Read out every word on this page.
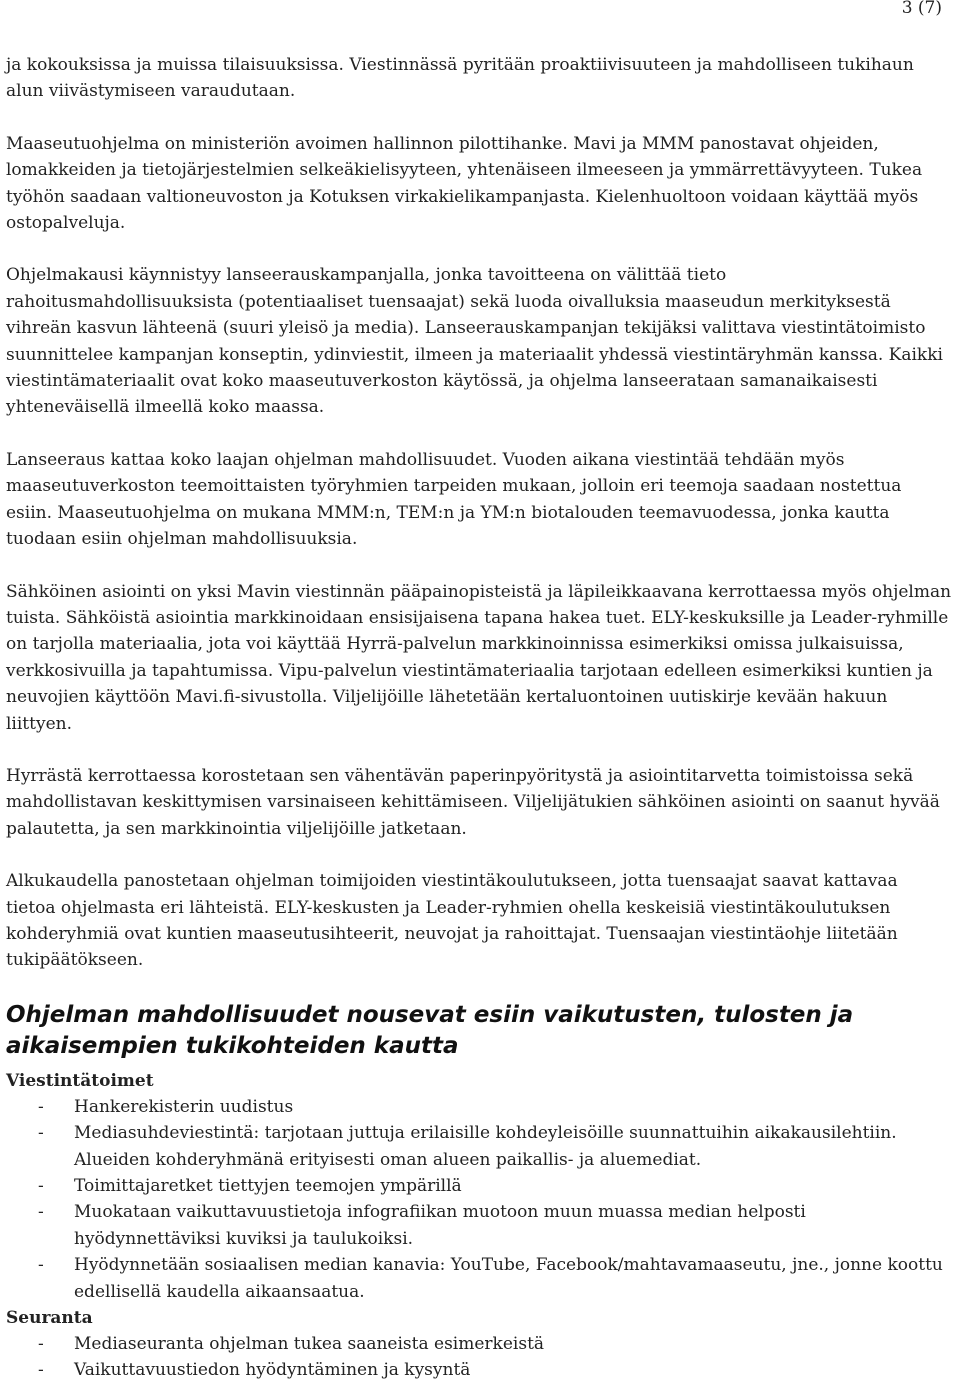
3 (7)

ja kokouksissa ja muissa tilaisuuksissa. Viestinnässä pyritään proaktiivisuuteen ja mahdolliseen tukihaun alun viivästymiseen varaudutaan.

Maaseutuohjelma on ministeriön avoimen hallinnon pilottihanke. Mavi ja MMM panostavat ohjeiden, lomakkeiden ja tietojärjestelmien selkeäkielisyyteen, yhtenäiseen ilmeeseen ja ymmärrettävyyteen. Tukea työhön saadaan valtioneuvoston ja Kotuksen virkakielikampanjasta. Kielenhuoltoon voidaan käyttää myös ostopalveluja.

Ohjelmakausi käynnistyy lanseerauskampanjalla, jonka tavoitteena on välittää tieto rahoitusmahdollisuuksista (potentiaaliset tuensaajat) sekä luoda oivalluksia maaseudun merkityksestä vihreän kasvun lähteenä (suuri yleisö ja media). Lanseerauskampanjan tekijäksi valittava viestintätoimisto suunnittelee kampanjan konseptin, ydinviestit, ilmeen ja materiaalit yhdessä viestintäryhmän kanssa. Kaikki viestintämateriaalit ovat koko maaseutuverkoston käytössä, ja ohjelma lanseerataan samanaikaisesti yhteneväisellä ilmeellä koko maassa.

Lanseeraus kattaa koko laajan ohjelman mahdollisuudet. Vuoden aikana viestintää tehdään myös maaseutuverkoston teemoittaisten työryhmien tarpeiden mukaan, jolloin eri teemoja saadaan nostettua esiin. Maaseutuohjelma on mukana MMM:n, TEM:n ja YM:n biotalouden teemavuodessa, jonka kautta tuodaan esiin ohjelman mahdollisuuksia.

Sähköinen asiointi on yksi Mavin viestinnän pääpainopisteistä ja läpileikkaavana kerrottaessa myös ohjelman tuista. Sähköistä asiointia markkinoidaan ensisijaisena tapana hakea tuet. ELY-keskuksille ja Leader-ryhmille on tarjolla materiaalia, jota voi käyttää Hyrrä-palvelun markkinoinnissa esimerkiksi omissa julkaisuissa, verkkosivuilla ja tapahtumissa. Vipu-palvelun viestintämateriaalia tarjotaan edelleen esimerkiksi kuntien ja neuvojien käyttöön Mavi.fi-sivustolla. Viljelijöille lähetetään kertaluontoinen uutiskirje kevään hakuun liittyen.

Hyrrästä kerrottaessa korostetaan sen vähentävän paperinpyöritystä ja asiointitarvetta toimistoissa sekä mahdollistavan keskittymisen varsinaiseen kehittämiseen. Viljelijätukien sähköinen asiointi on saanut hyvää palautetta, ja sen markkinointia viljelijöille jatketaan.

Alkukaudella panostetaan ohjelman toimijoiden viestintäkoulutukseen, jotta tuensaajat saavat kattavaa tietoa ohjelmasta eri lähteistä. ELY-keskusten ja Leader-ryhmien ohella keskeisiä viestintäkoulutuksen kohderyhmiä ovat kuntien maaseutusihteerit, neuvojat ja rahoittajat. Tuensaajan viestintäohje liitetään tukipäätökseen.

Ohjelman mahdollisuudet nousevat esiin vaikutusten, tulosten ja aikaisempien tukikohteiden kautta
Viestintätoimet
- Hankerekisterin uudistus
- Mediasuhdeviestintä: tarjotaan juttuja erilaisille kohdeyleisöille suunnattuihin aikakausilehtiin. Alueiden kohderyhmänä erityisesti oman alueen paikallis- ja aluemediat.
- Toimittajaretket tiettyjen teemojen ympärillä
- Muokataan vaikuttavuustietoja infografiikan muotoon muun muassa median helposti hyödynnettäviksi kuviksi ja taulukoiksi.
- Hyödynnetään sosiaalisen median kanavia: YouTube, Facebook/mahtavamaaseutu, jne., jonne koottu edellisellä kaudella aikaansaatua.
Seuranta
- Mediaseuranta ohjelman tukea saaneista esimerkeistä
- Vaikuttavuustiedon hyödyntäminen ja kysyntä
